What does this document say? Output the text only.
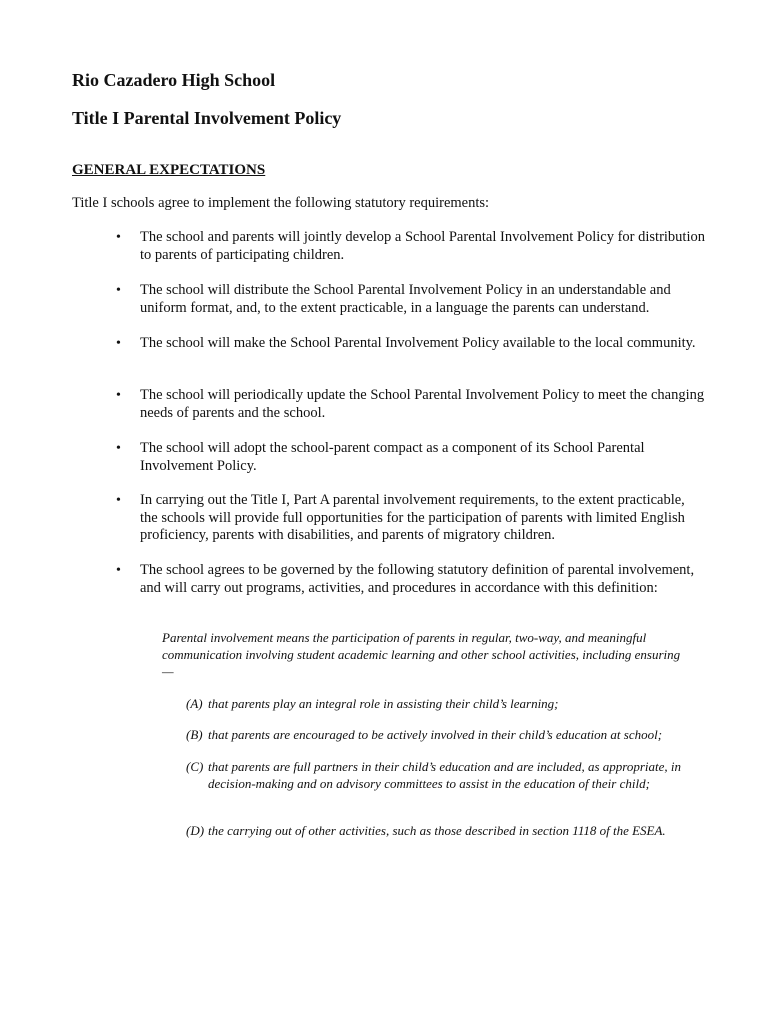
Rio Cazadero High School
Title I Parental Involvement Policy
GENERAL EXPECTATIONS

Title I schools agree to implement the following statutory requirements:

•	The school and parents will jointly develop a School Parental Involvement Policy for distribution to parents of participating children.
•	The school will distribute the School Parental Involvement Policy in an understandable and uniform format, and, to the extent practicable, in a language the parents can understand.
•	The school will make the School Parental Involvement Policy available to the local community.
•	The school will periodically update the School Parental Involvement Policy to meet the changing needs of parents and the school.
•	The school will adopt the school-parent compact as a component of its School Parental Involvement Policy.
•	In carrying out the Title I, Part A parental involvement requirements, to the extent practicable, the schools will provide full opportunities for the participation of parents with limited English proficiency, parents with disabilities, and parents of migratory children.
•	The school agrees to be governed by the following statutory definition of parental involvement, and will carry out programs, activities, and procedures in accordance with this definition:

Parental involvement means the participation of parents in regular, two-way, and meaningful communication involving student academic learning and other school activities, including ensuring—

(A) that parents play an integral role in assisting their child’s learning;
(B) that parents are encouraged to be actively involved in their child’s education at school;
(C) that parents are full partners in their child’s education and are included, as appropriate, in decision-making and on advisory committees to assist in the education of their child;
(D) the carrying out of other activities, such as those described in section 1118 of the ESEA.
